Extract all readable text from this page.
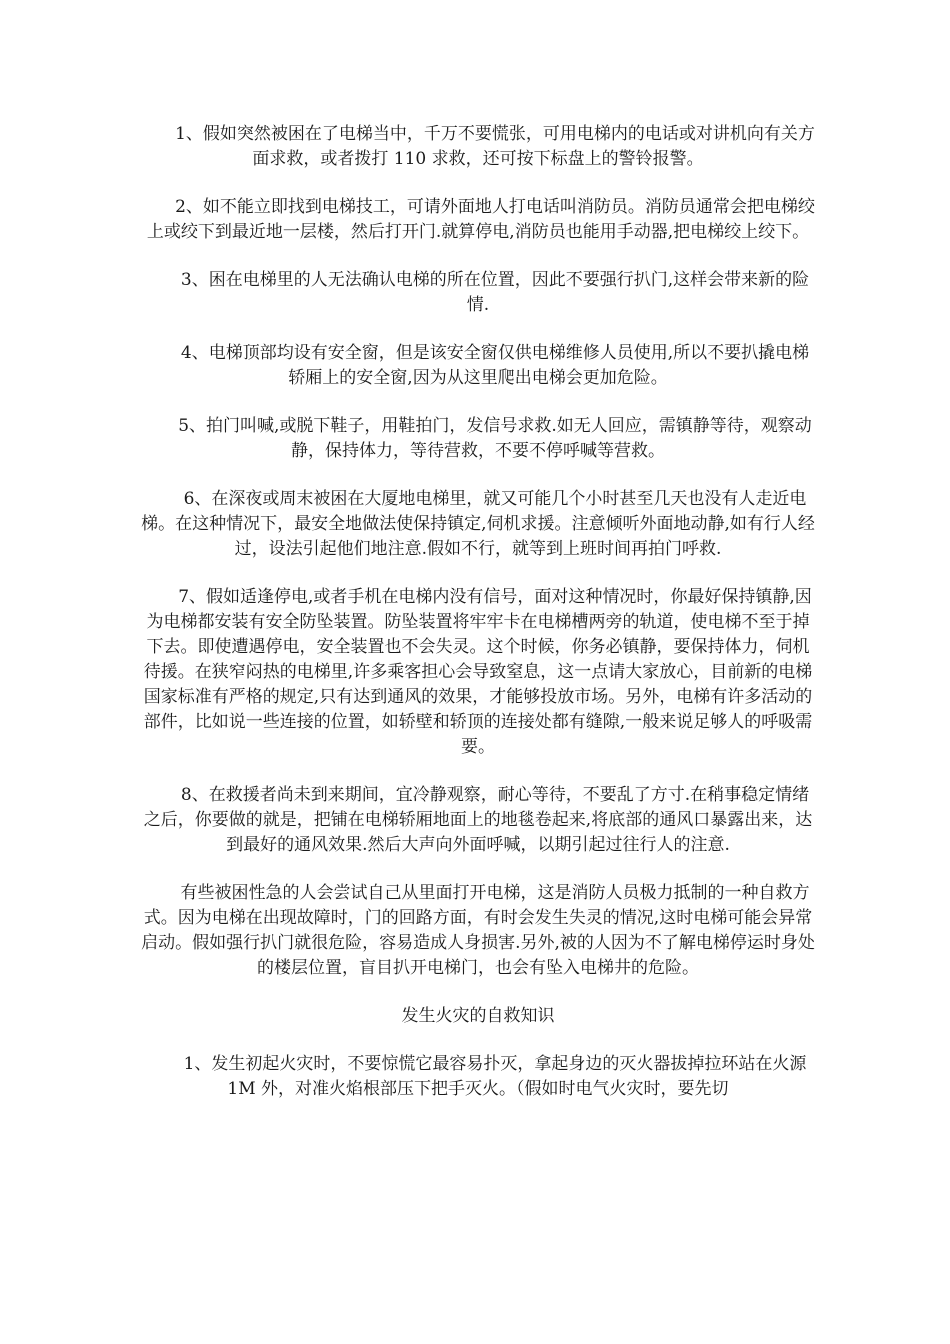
1、假如突然被困在了电梯当中，千万不要慌张，可用电梯内的电话或对讲机向有关方面求救，或者拨打 110 求救，还可按下标盘上的警铃报警。

2、如不能立即找到电梯技工，可请外面地人打电话叫消防员。消防员通常会把电梯绞上或绞下到最近地一层楼，然后打开门.就算停电,消防员也能用手动器,把电梯绞上绞下。

3、困在电梯里的人无法确认电梯的所在位置，因此不要强行扒门,这样会带来新的险情.

4、电梯顶部均设有安全窗，但是该安全窗仅供电梯维修人员使用,所以不要扒撬电梯轿厢上的安全窗,因为从这里爬出电梯会更加危险。

5、拍门叫喊,或脱下鞋子，用鞋拍门，发信号求救.如无人回应，需镇静等待，观察动静，保持体力，等待营救，不要不停呼喊等营救。

6、在深夜或周末被困在大厦地电梯里，就又可能几个小时甚至几天也没有人走近电梯。在这种情况下，最安全地做法使保持镇定,伺机求援。注意倾听外面地动静,如有行人经过，设法引起他们地注意.假如不行，就等到上班时间再拍门呼救.

7、假如适逢停电,或者手机在电梯内没有信号，面对这种情况时，你最好保持镇静,因为电梯都安装有安全防坠装置。防坠装置将牢牢卡在电梯槽两旁的轨道，使电梯不至于掉下去。即使遭遇停电，安全装置也不会失灵。这个时候，你务必镇静，要保持体力，伺机待援。在狭窄闷热的电梯里,许多乘客担心会导致窒息，这一点请大家放心，目前新的电梯国家标准有严格的规定,只有达到通风的效果，才能够投放市场。另外，电梯有许多活动的部件，比如说一些连接的位置，如轿壁和轿顶的连接处都有缝隙,一般来说足够人的呼吸需要。

8、在救援者尚未到来期间，宜冷静观察，耐心等待，不要乱了方寸.在稍事稳定情绪之后，你要做的就是，把铺在电梯轿厢地面上的地毯卷起来,将底部的通风口暴露出来，达到最好的通风效果.然后大声向外面呼喊，以期引起过往行人的注意.

有些被困性急的人会尝试自己从里面打开电梯，这是消防人员极力抵制的一种自救方式。因为电梯在出现故障时，门的回路方面，有时会发生失灵的情况,这时电梯可能会异常启动。假如强行扒门就很危险，容易造成人身损害.另外,被的人因为不了解电梯停运时身处的楼层位置，盲目扒开电梯门，也会有坠入电梯井的危险。

发生火灾的自救知识

1、发生初起火灾时，不要惊慌它最容易扑灭，拿起身边的灭火器拔掉拉环站在火源 1M 外，对准火焰根部压下把手灭火。（假如时电气火灾时，要先切
